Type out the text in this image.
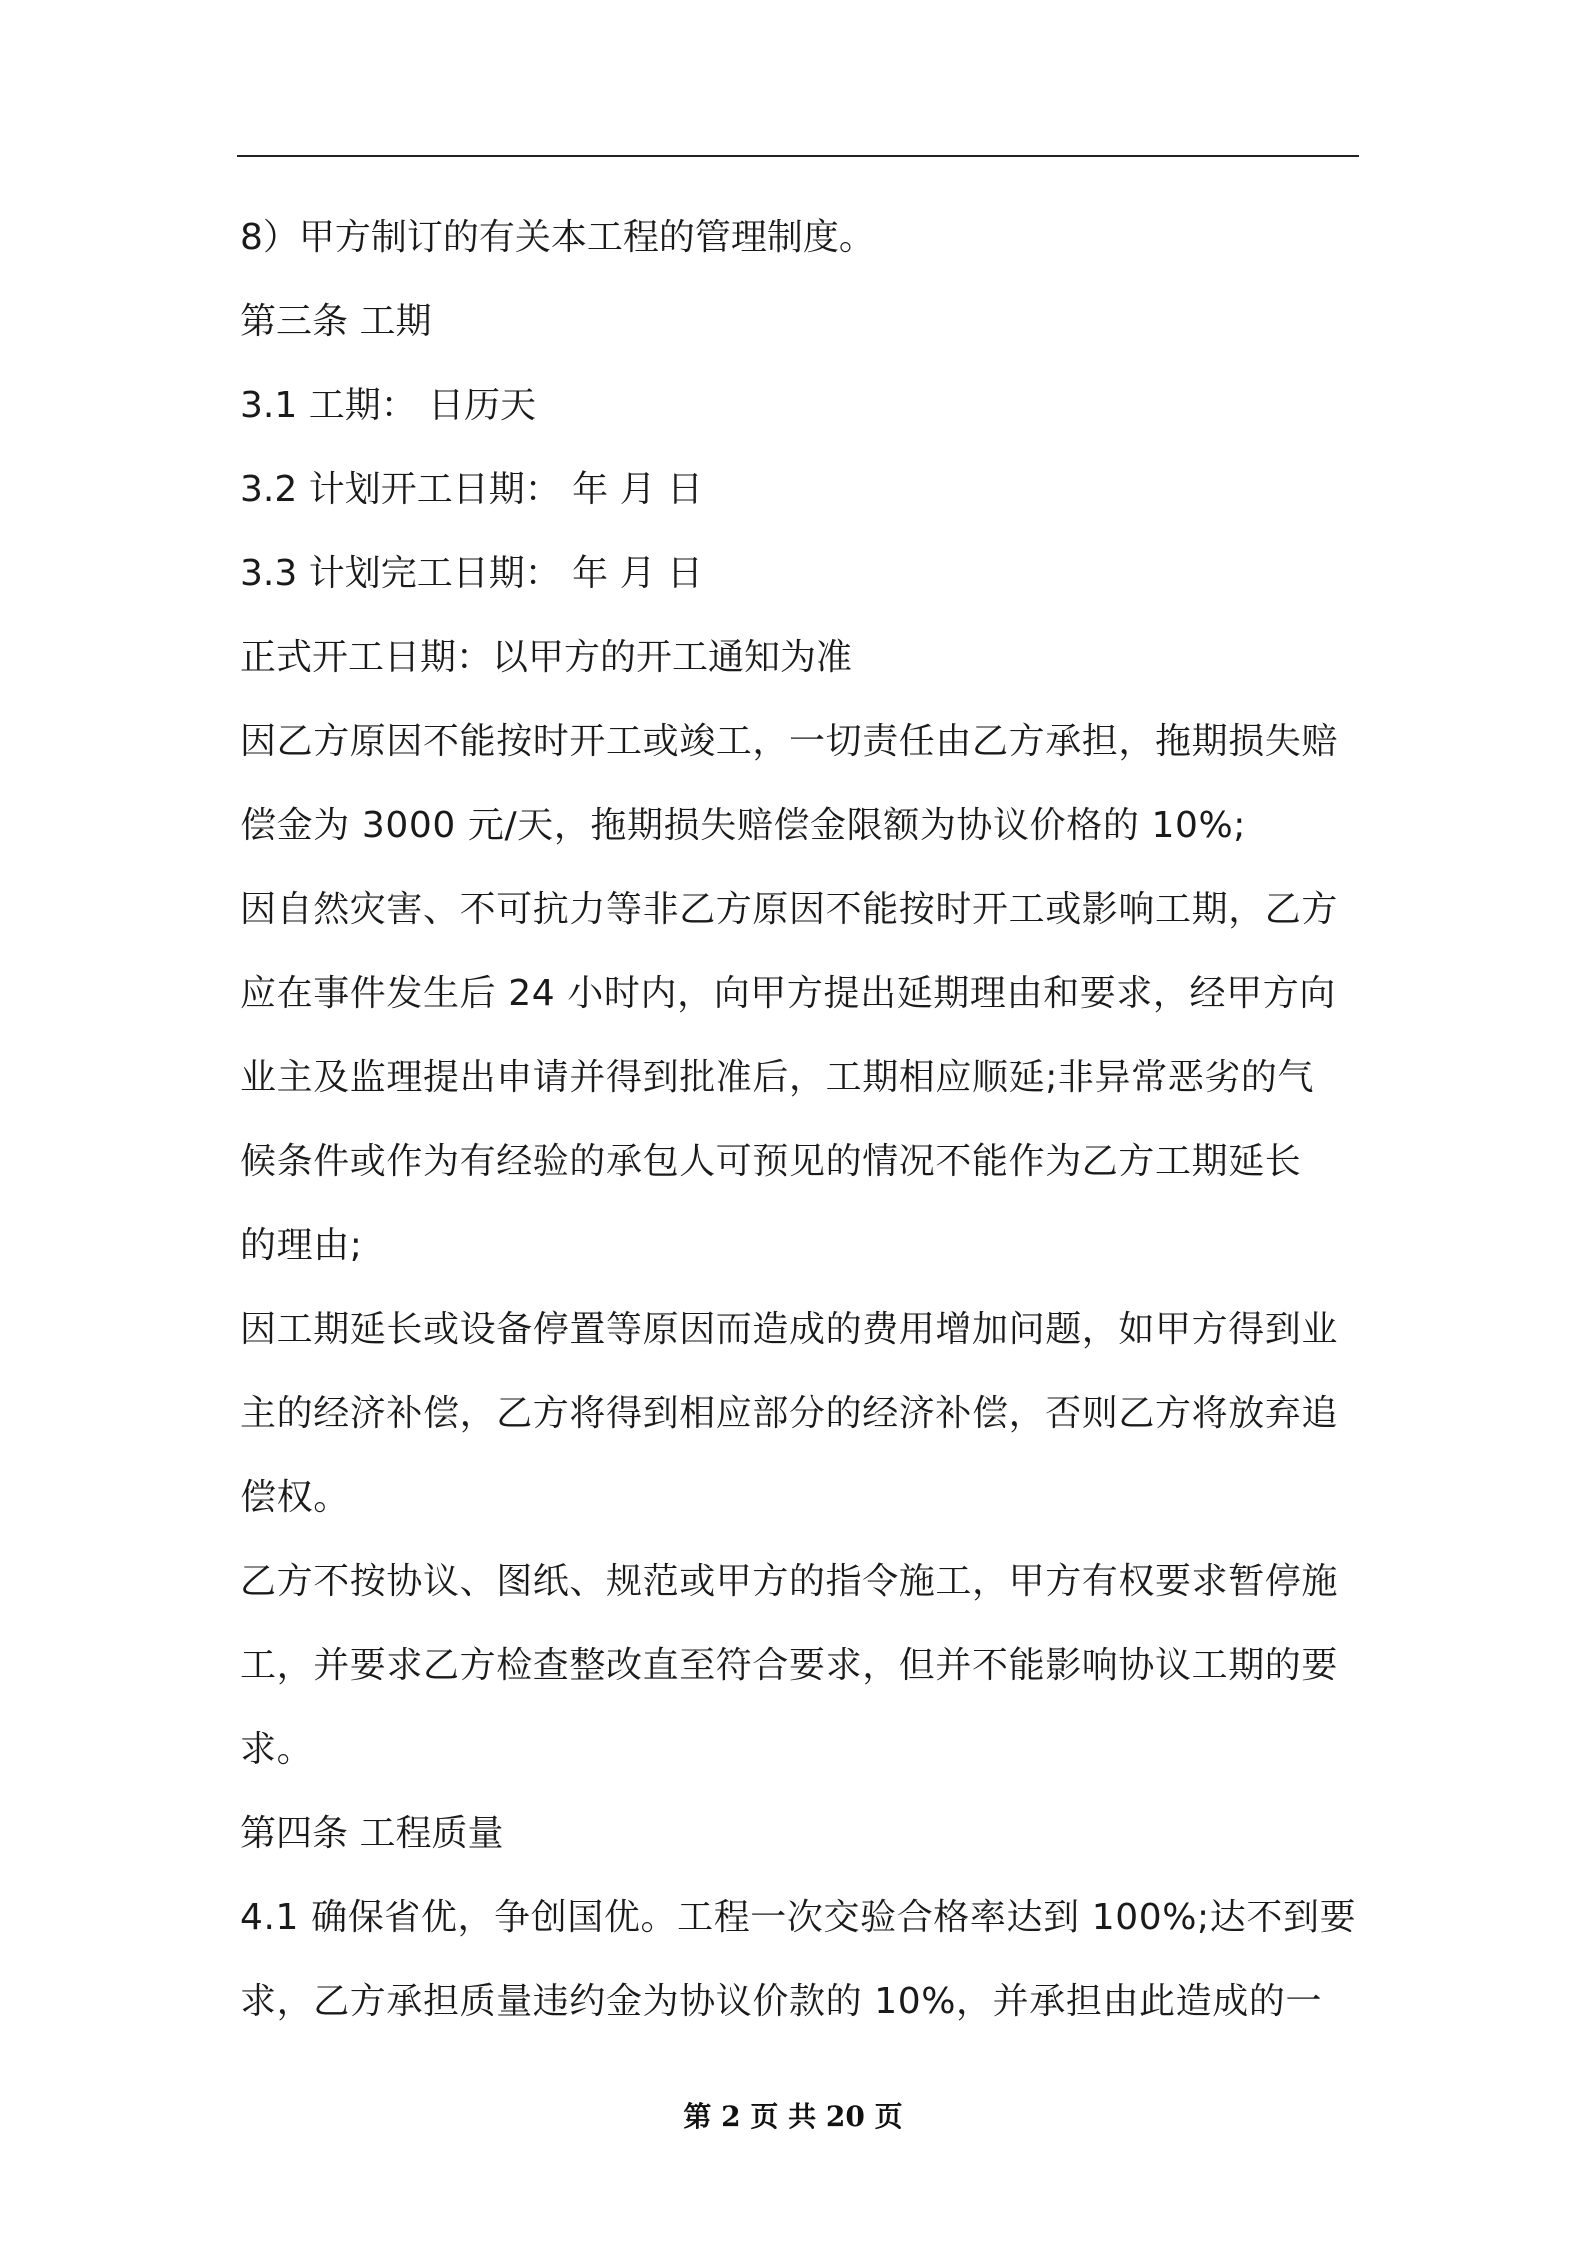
8）甲方制订的有关本工程的管理制度。
第三条 工期
3.1 工期： 日历天
3.2 计划开工日期： 年 月 日
3.3 计划完工日期： 年 月 日
正式开工日期：以甲方的开工通知为准
因乙方原因不能按时开工或竣工，一切责任由乙方承担，拖期损失赔
偿金为 3000 元/天，拖期损失赔偿金限额为协议价格的 10%;
因自然灾害、不可抗力等非乙方原因不能按时开工或影响工期，乙方
应在事件发生后 24 小时内，向甲方提出延期理由和要求，经甲方向
业主及监理提出申请并得到批准后，工期相应顺延;非异常恶劣的气
候条件或作为有经验的承包人可预见的情况不能作为乙方工期延长
的理由;
因工期延长或设备停置等原因而造成的费用增加问题，如甲方得到业
主的经济补偿，乙方将得到相应部分的经济补偿，否则乙方将放弃追
偿权。
乙方不按协议、图纸、规范或甲方的指令施工，甲方有权要求暂停施
工，并要求乙方检查整改直至符合要求，但并不能影响协议工期的要
求。
第四条 工程质量
4.1 确保省优，争创国优。工程一次交验合格率达到 100%;达不到要
求，乙方承担质量违约金为协议价款的 10%，并承担由此造成的一
第 2 页 共 20 页
